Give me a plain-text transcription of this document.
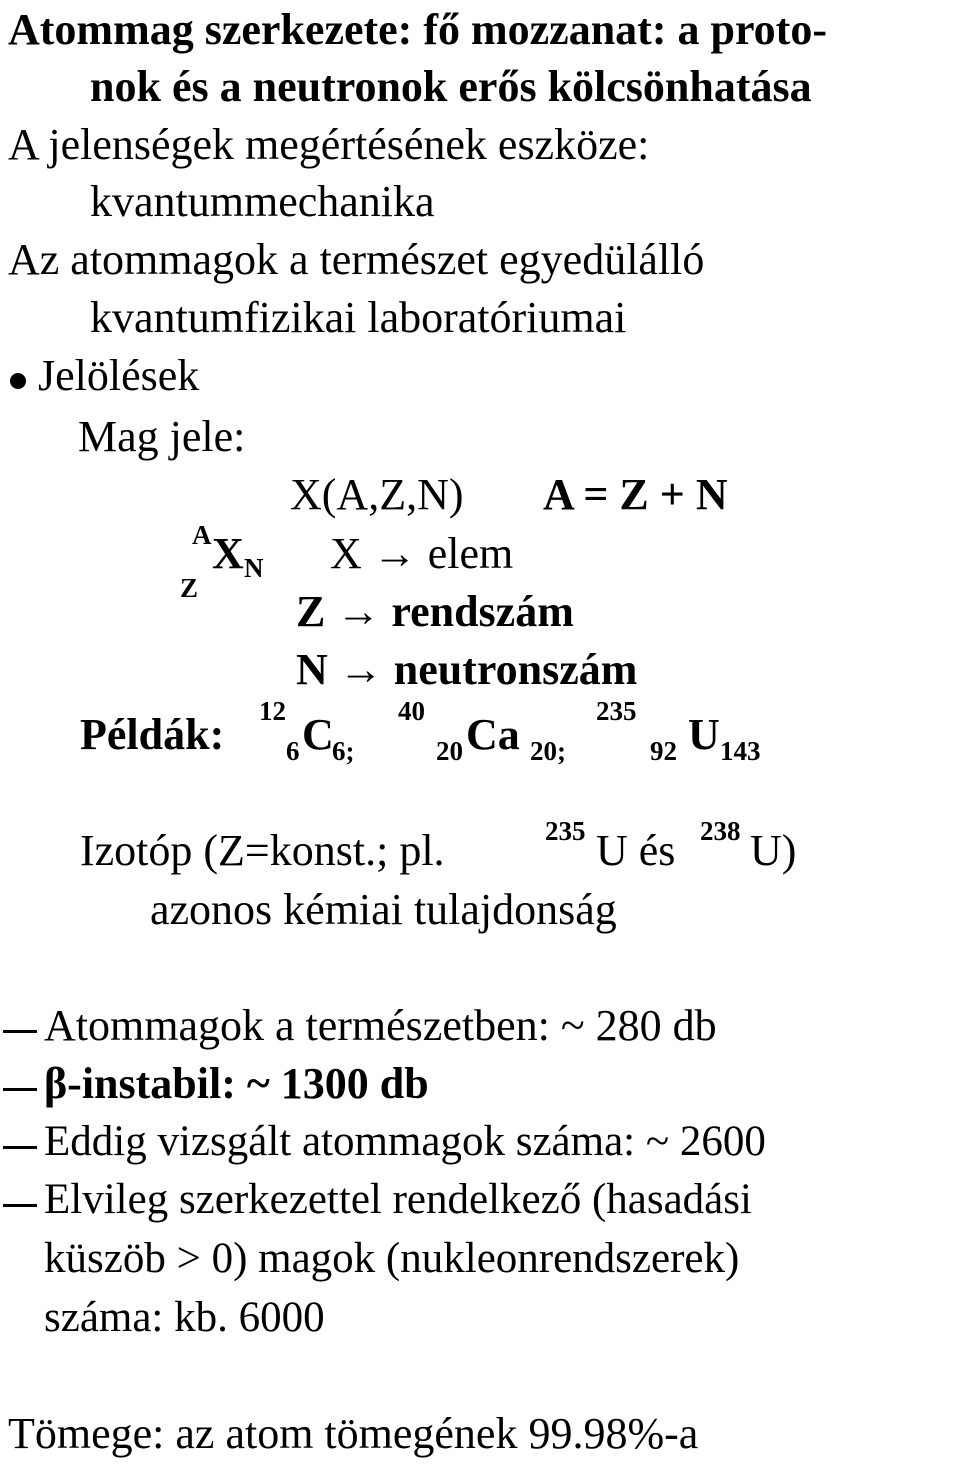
Atommag szerkezete: fő mozzanat: a proto-
nok és a neutronok erős kölcsönhatása
A jelenségek megértésének eszköze:
kvantummechanika
Az atommagok a természet egyedülálló
kvantumfizikai laboratóriumai
Jelölések
Mag jele:
X(A,Z,N) A = Z + N
A
Z
X N X → elem
Z → rendszám
N → neutronszám
Példák: 12
6 C
6;
40
20 Ca 20;
235
92 U 143
Izotóp (Z=konst.; pl.	235 U és 238 U)
azonos kémiai tulajdonság
Atommagok a természetben: ~ 280 db
β-instabil: ~ 1300 db
Eddig vizsgált atommagok száma: ~ 2600
Elvileg szerkezettel rendelkező (hasadási
küszöb > 0) magok (nukleonrendszerek)
száma: kb. 6000
Tömege: az atom tömegének 99.98%-a
